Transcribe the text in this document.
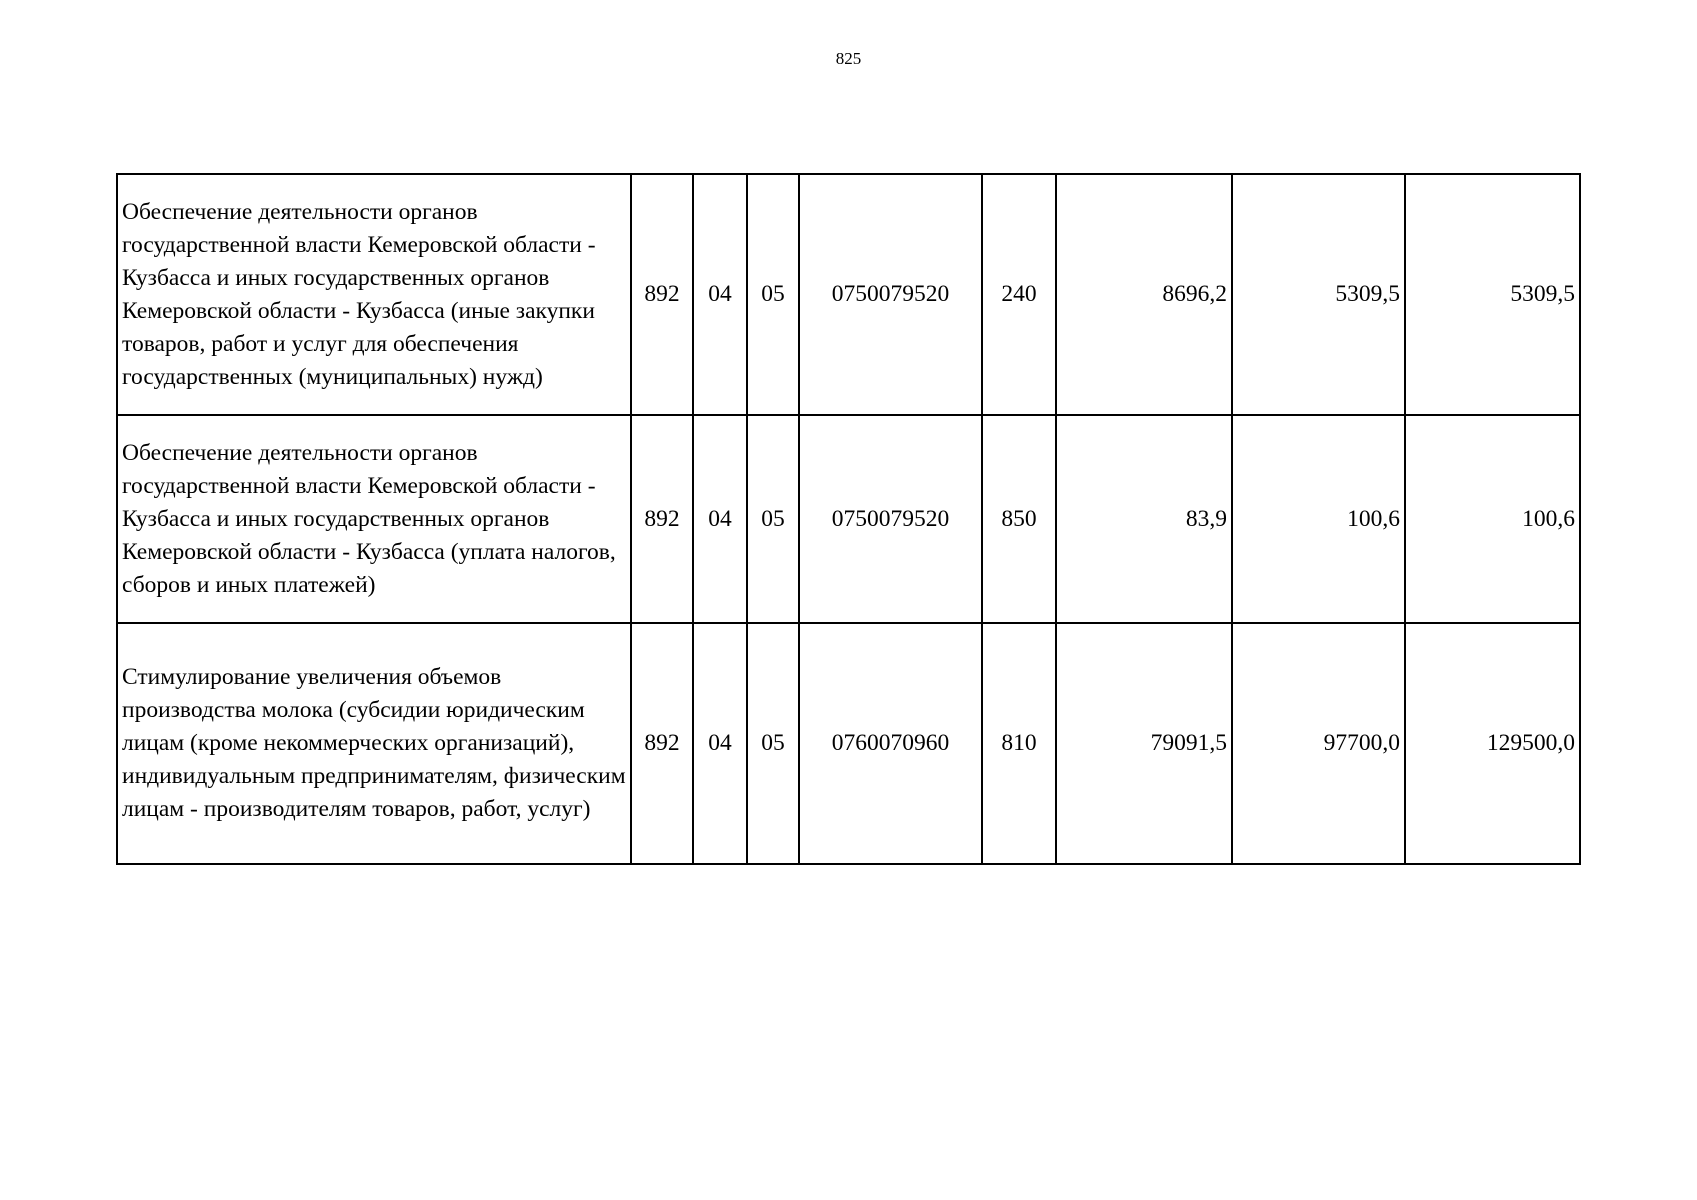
825
Обеспечение деятельности органов государственной власти Кемеровской области - Кузбасса и иных государственных органов Кемеровской области - Кузбасса (иные закупки товаров, работ и услуг для обеспечения государственных (муниципальных) нужд)	892	04	05	0750079520	240	8696,2	5309,5	5309,5
Обеспечение деятельности органов государственной власти Кемеровской области - Кузбасса и иных государственных органов Кемеровской области - Кузбасса (уплата налогов, сборов и иных платежей)	892	04	05	0750079520	850	83,9	100,6	100,6
Стимулирование увеличения объемов производства молока (субсидии юридическим лицам (кроме некоммерческих организаций), индивидуальным предпринимателям, физическим лицам - производителям товаров, работ, услуг)	892	04	05	0760070960	810	79091,5	97700,0	129500,0
